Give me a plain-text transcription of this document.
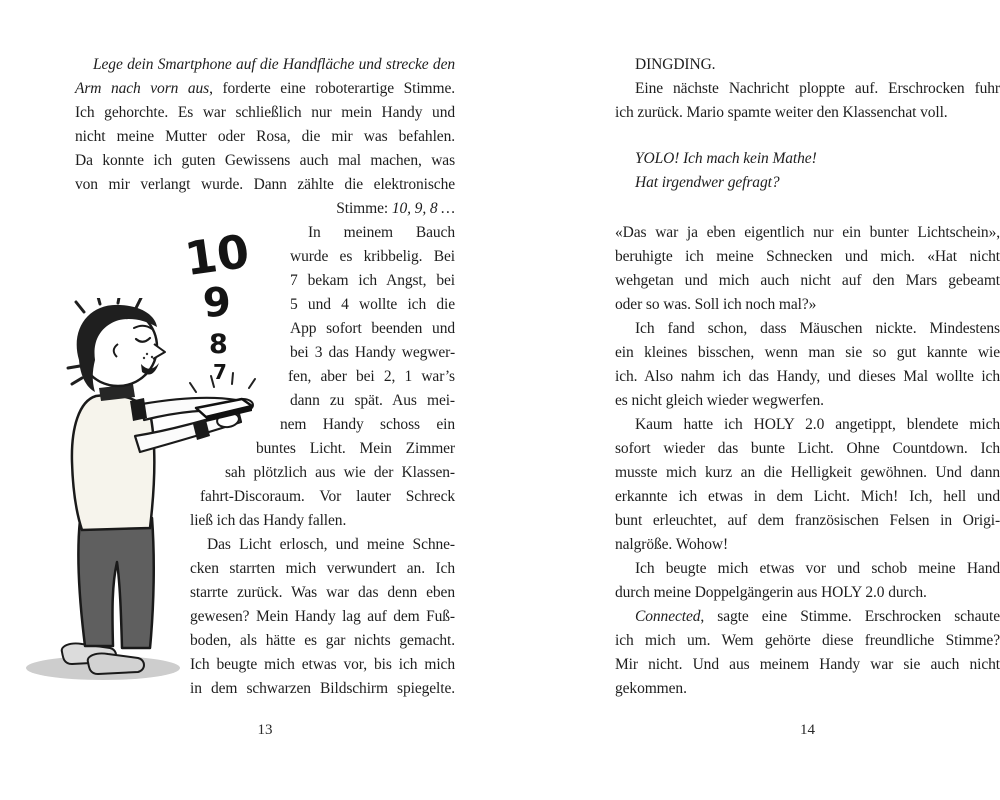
Lege dein Smartphone auf die Handfläche und strecke den
Arm nach vorn aus, forderte eine roboterartige Stimme.
Ich gehorchte. Es war schließlich nur mein Handy und
nicht meine Mutter oder Rosa, die mir was befahlen.
Da konnte ich guten Gewissens auch mal machen, was
von mir verlangt wurde. Dann zählte die elektronische
Stimme: 10, 9, 8 …
In meinem Bauch
wurde es kribbelig. Bei
7 bekam ich Angst, bei
5 und 4 wollte ich die
App sofort beenden und
bei 3 das Handy wegwer-
fen, aber bei 2, 1 war’s
dann zu spät. Aus mei-
nem Handy schoss ein
buntes Licht. Mein Zimmer
sah plötzlich aus wie der Klassen-
fahrt-Discoraum. Vor lauter Schreck
ließ ich das Handy fallen.
Das Licht erlosch, und meine Schne-
cken starrten mich verwundert an. Ich
starrte zurück. Was war das denn eben
gewesen? Mein Handy lag auf dem Fuß-
boden, als hätte es gar nichts gemacht.
Ich beugte mich etwas vor, bis ich mich
in dem schwarzen Bildschirm spiegelte.
DINGDING.
Eine nächste Nachricht ploppte auf. Erschrocken fuhr
ich zurück. Mario spamte weiter den Klassenchat voll.
YOLO! Ich mach kein Mathe!
Hat irgendwer gefragt?
«Das war ja eben eigentlich nur ein bunter Lichtschein»,
beruhigte ich meine Schnecken und mich. «Hat nicht
wehgetan und mich auch nicht auf den Mars gebeamt
oder so was. Soll ich noch mal?»
Ich fand schon, dass Mäuschen nickte. Mindestens
ein kleines bisschen, wenn man sie so gut kannte wie
ich. Also nahm ich das Handy, und dieses Mal wollte ich
es nicht gleich wieder wegwerfen.
Kaum hatte ich HOLY 2.0 angetippt, blendete mich
sofort wieder das bunte Licht. Ohne Countdown. Ich
musste mich kurz an die Helligkeit gewöhnen. Und dann
erkannte ich etwas in dem Licht. Mich! Ich, hell und
bunt erleuchtet, auf dem französischen Felsen in Origi-
nalgröße. Wohow!
Ich beugte mich etwas vor und schob meine Hand
durch meine Doppelgängerin aus HOLY 2.0 durch.
Connected, sagte eine Stimme. Erschrocken schaute
ich mich um. Wem gehörte diese freundliche Stimme?
Mir nicht. Und aus meinem Handy war sie auch nicht
gekommen.
10
9
8
7
13	14
